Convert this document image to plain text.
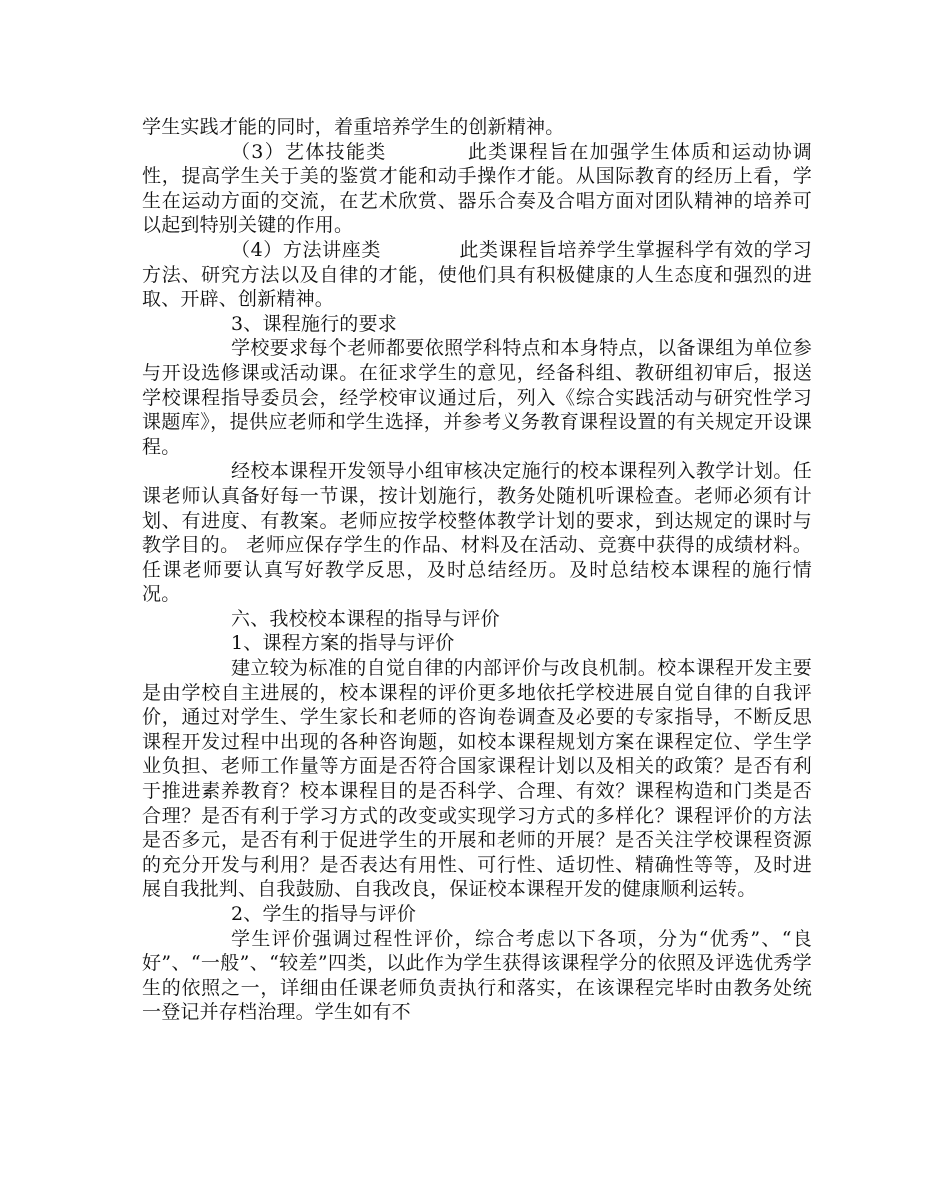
学生实践才能的同时，着重培养学生的创新精神。

（3）艺体技能类　　　　此类课程旨在加强学生体质和运动协调性，提高学生关于美的鉴赏才能和动手操作才能。从国际教育的经历上看，学生在运动方面的交流，在艺术欣赏、器乐合奏及合唱方面对团队精神的培养可以起到特别关键的作用。

（4）方法讲座类　　　　此类课程旨培养学生掌握科学有效的学习方法、研究方法以及自律的才能，使他们具有积极健康的人生态度和强烈的进取、开辟、创新精神。

3、课程施行的要求

学校要求每个老师都要依照学科特点和本身特点，以备课组为单位参与开设选修课或活动课。在征求学生的意见，经备科组、教研组初审后，报送学校课程指导委员会，经学校审议通过后，列入《综合实践活动与研究性学习课题库》，提供应老师和学生选择，并参考义务教育课程设置的有关规定开设课程。

经校本课程开发领导小组审核决定施行的校本课程列入教学计划。任课老师认真备好每一节课，按计划施行，教务处随机听课检查。老师必须有计划、有进度、有教案。老师应按学校整体教学计划的要求，到达规定的课时与教学目的。 老师应保存学生的作品、材料及在活动、竞赛中获得的成绩材料。任课老师要认真写好教学反思，及时总结经历。及时总结校本课程的施行情况。

六、我校校本课程的指导与评价

1、课程方案的指导与评价

建立较为标准的自觉自律的内部评价与改良机制。校本课程开发主要是由学校自主进展的，校本课程的评价更多地依托学校进展自觉自律的自我评价，通过对学生、学生家长和老师的咨询卷调查及必要的专家指导，不断反思课程开发过程中出现的各种咨询题，如校本课程规划方案在课程定位、学生学业负担、老师工作量等方面是否符合国家课程计划以及相关的政策？是否有利于推进素养教育？校本课程目的是否科学、合理、有效？课程构造和门类是否合理？是否有利于学习方式的改变或实现学习方式的多样化？课程评价的方法是否多元，是否有利于促进学生的开展和老师的开展？是否关注学校课程资源的充分开发与利用？是否表达有用性、可行性、适切性、精确性等等，及时进展自我批判、自我鼓励、自我改良，保证校本课程开发的健康顺利运转。

2、学生的指导与评价

学生评价强调过程性评价，综合考虑以下各项，分为“优秀”、“良好”、“一般”、“较差”四类，以此作为学生获得该课程学分的依照及评选优秀学生的依照之一，详细由任课老师负责执行和落实，在该课程完毕时由教务处统一登记并存档治理。学生如有不
